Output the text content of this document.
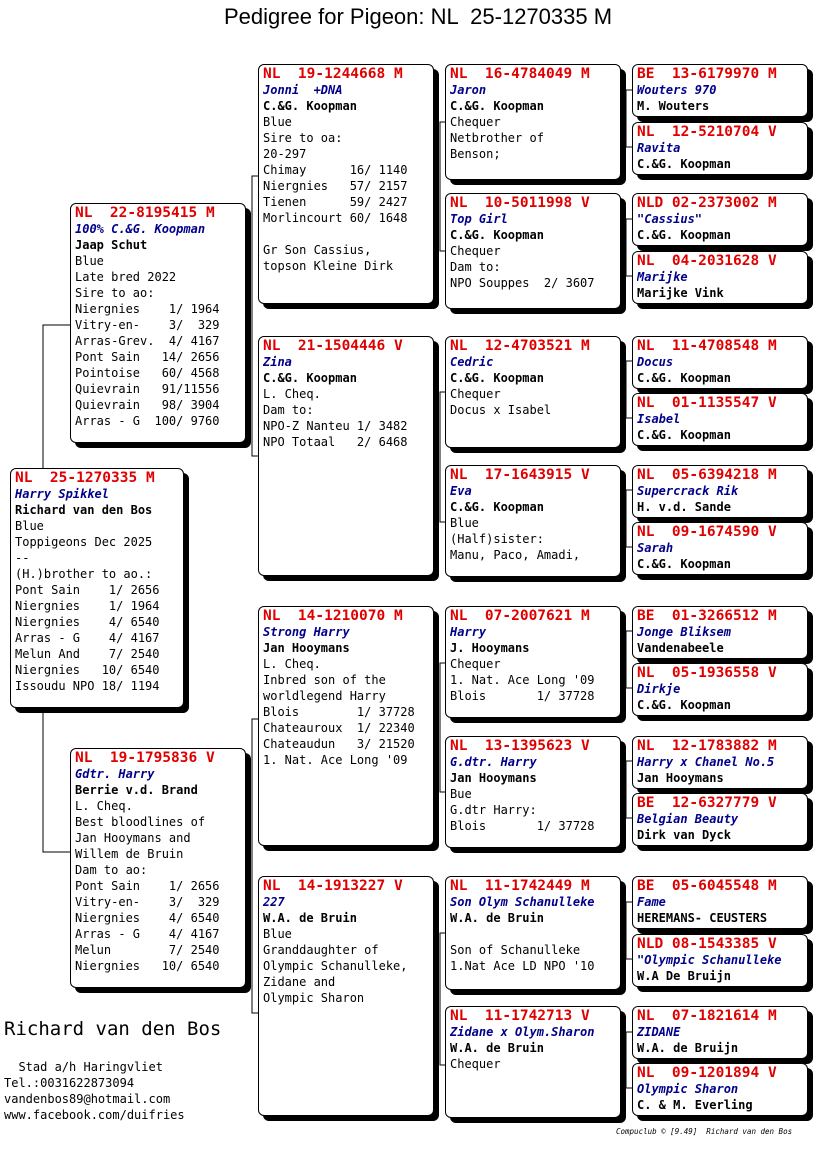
Pedigree for Pigeon: NL  25-1270335 M
NL  25-1270335 M
Harry Spikkel
Richard van den Bos
Blue
Toppigeons Dec 2025
--
(H.)brother to ao.:
Pont Sain    1/ 2656
Niergnies    1/ 1964
Niergnies    4/ 6540
Arras - G    4/ 4167
Melun And    7/ 2540
Niergnies   10/ 6540
Issoudu NPO 18/ 1194
NL  22-8195415 M
100% C.&G. Koopman
Jaap Schut
Blue
Late bred 2022
Sire to ao:
Niergnies    1/ 1964
Vitry-en-    3/  329
Arras-Grev.  4/ 4167
Pont Sain   14/ 2656
Pointoise   60/ 4568
Quievrain   91/11556
Quievrain   98/ 3904
Arras - G  100/ 9760
NL  19-1795836 V
Gdtr. Harry
Berrie v.d. Brand
L. Cheq.
Best bloodlines of
Jan Hooymans and
Willem de Bruin
Dam to ao:
Pont Sain    1/ 2656
Vitry-en-    3/  329
Niergnies    4/ 6540
Arras - G    4/ 4167
Melun        7/ 2540
Niergnies   10/ 6540
NL  19-1244668 M
Jonni  +DNA
C.&G. Koopman
Blue
Sire to oa:
20-297
Chimay      16/ 1140
Niergnies   57/ 2157
Tienen      59/ 2427
Morlincourt 60/ 1648
Gr Son Cassius,
topson Kleine Dirk
NL  21-1504446 V
Zina
C.&G. Koopman
L. Cheq.
Dam to:
NPO-Z Nanteu 1/ 3482
NPO Totaal   2/ 6468
NL  14-1210070 M
Strong Harry
Jan Hooymans
L. Cheq.
Inbred son of the
worldlegend Harry
Blois        1/ 37728
Chateauroux  1/ 22340
Chateaudun   3/ 21520
1. Nat. Ace Long '09
NL  14-1913227 V
227
W.A. de Bruin
Blue
Granddaughter of
Olympic Schanulleke,
Zidane and
Olympic Sharon
NL  16-4784049 M
Jaron
C.&G. Koopman
Chequer
Netbrother of
Benson;
NL  10-5011998 V
Top Girl
C.&G. Koopman
Chequer
Dam to:
NPO Souppes  2/ 3607
NL  12-4703521 M
Cedric
C.&G. Koopman
Chequer
Docus x Isabel
NL  17-1643915 V
Eva
C.&G. Koopman
Blue
(Half)sister:
Manu, Paco, Amadi,
NL  07-2007621 M
Harry
J. Hooymans
Chequer
1. Nat. Ace Long '09
Blois       1/ 37728
NL  13-1395623 V
G.dtr. Harry
Jan Hooymans
Bue
G.dtr Harry:
Blois       1/ 37728
NL  11-1742449 M
Son Olym Schanulleke
W.A. de Bruin
Son of Schanulleke
1.Nat Ace LD NPO '10
NL  11-1742713 V
Zidane x Olym.Sharon
W.A. de Bruin
Chequer
BE  13-6179970 M
Wouters 970
M. Wouters
NL  12-5210704 V
Ravita
C.&G. Koopman
NLD 02-2373002 M
"Cassius"
C.&G. Koopman
NL  04-2031628 V
Marijke
Marijke Vink
NL  11-4708548 M
Docus
C.&G. Koopman
NL  01-1135547 V
Isabel
C.&G. Koopman
NL  05-6394218 M
Supercrack Rik
H. v.d. Sande
NL  09-1674590 V
Sarah
C.&G. Koopman
BE  01-3266512 M
Jonge Bliksem
Vandenabeele
NL  05-1936558 V
Dirkje
C.&G. Koopman
NL  12-1783882 M
Harry x Chanel No.5
Jan Hooymans
BE  12-6327779 V
Belgian Beauty
Dirk van Dyck
BE  05-6045548 M
Fame
HEREMANS- CEUSTERS
NLD 08-1543385 V
"Olympic Schanulleke
W.A De Bruijn
NL  07-1821614 M
ZIDANE
W.A. de Bruijn
NL  09-1201894 V
Olympic Sharon
C. & M. Everling
Richard van den Bos
Stad a/h Haringvliet
Tel.:0031622873094
vandenbos89@hotmail.com
www.facebook.com/duifries
Compuclub © [9.49]  Richard van den Bos
